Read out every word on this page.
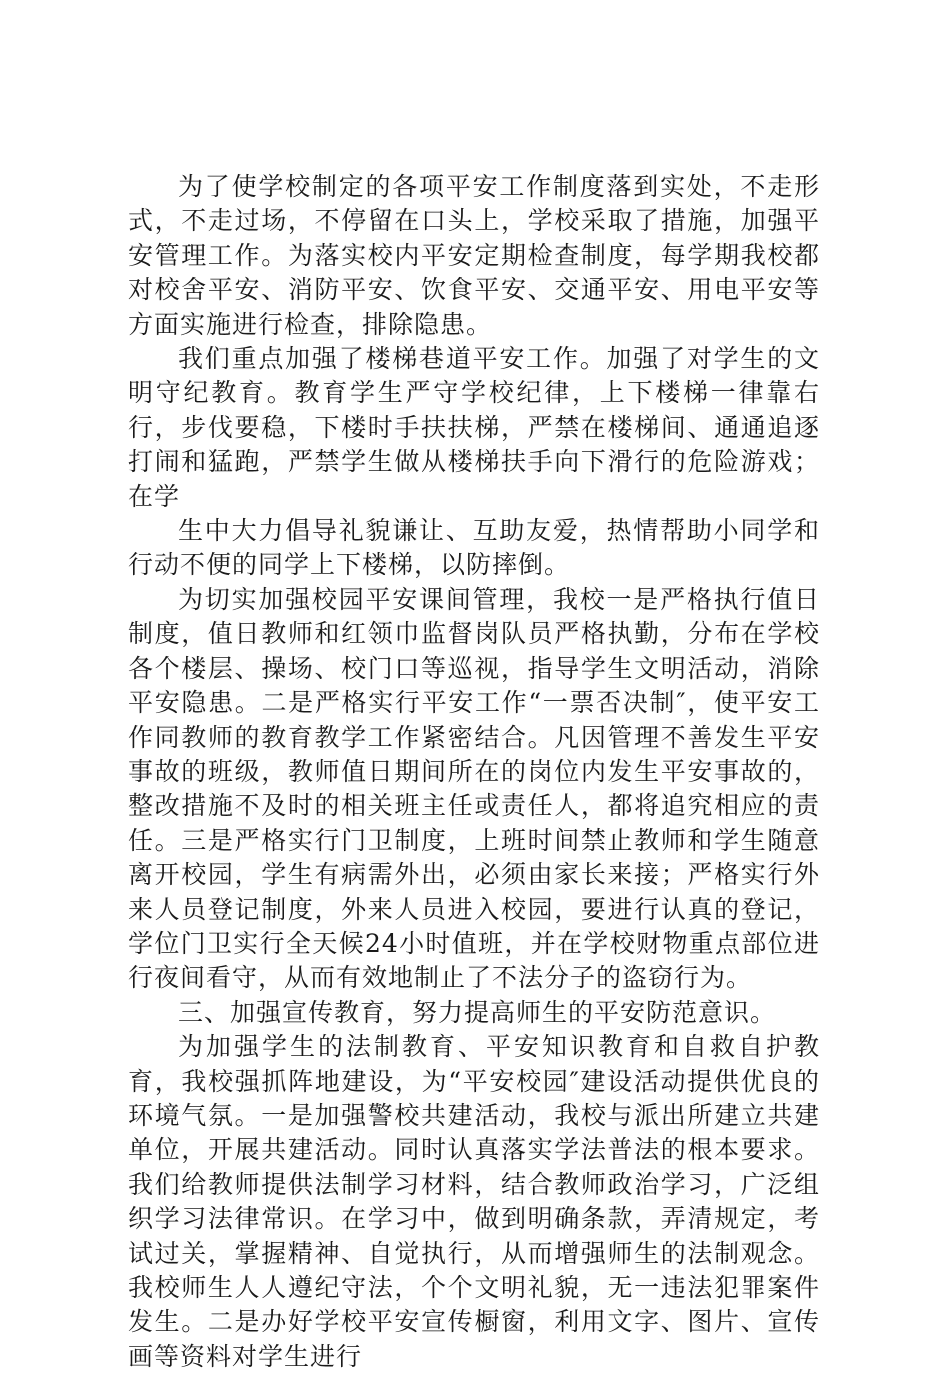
为了使学校制定的各项平安工作制度落到实处，不走形式，不走过场，不停留在口头上，学校采取了措施，加强平安管理工作。为落实校内平安定期检查制度，每学期我校都对校舍平安、消防平安、饮食平安、交通平安、用电平安等方面实施进行检查，排除隐患。

我们重点加强了楼梯巷道平安工作。加强了对学生的文明守纪教育。教育学生严守学校纪律，上下楼梯一律靠右行，步伐要稳，下楼时手扶扶梯，严禁在楼梯间、通通追逐打闹和猛跑，严禁学生做从楼梯扶手向下滑行的危险游戏；在学

生中大力倡导礼貌谦让、互助友爱，热情帮助小同学和行动不便的同学上下楼梯，以防摔倒。

为切实加强校园平安课间管理，我校一是严格执行值日制度，值日教师和红领巾监督岗队员严格执勤，分布在学校各个楼层、操场、校门口等巡视，指导学生文明活动，消除平安隐患。二是严格实行平安工作“一票否决制″，使平安工作同教师的教育教学工作紧密结合。凡因管理不善发生平安事故的班级，教师值日期间所在的岗位内发生平安事故的，整改措施不及时的相关班主任或责任人，都将追究相应的责任。三是严格实行门卫制度，上班时间禁止教师和学生随意离开校园，学生有病需外出，必须由家长来接；严格实行外来人员登记制度，外来人员进入校园，要进行认真的登记，学位门卫实行全天候24小时值班，并在学校财物重点部位进行夜间看守，从而有效地制止了不法分子的盗窃行为。

三、加强宣传教育，努力提高师生的平安防范意识。

为加强学生的法制教育、平安知识教育和自救自护教育，我校强抓阵地建设，为“平安校园″建设活动提供优良的环境气氛。一是加强警校共建活动，我校与派出所建立共建单位，开展共建活动。同时认真落实学法普法的根本要求。我们给教师提供法制学习材料，结合教师政治学习，广泛组织学习法律常识。在学习中，做到明确条款，弄清规定，考试过关，掌握精神、自觉执行，从而增强师生的法制观念。我校师生人人遵纪守法，个个文明礼貌，无一违法犯罪案件发生。二是办好学校平安宣传橱窗，利用文字、图片、宣传画等资料对学生进行
